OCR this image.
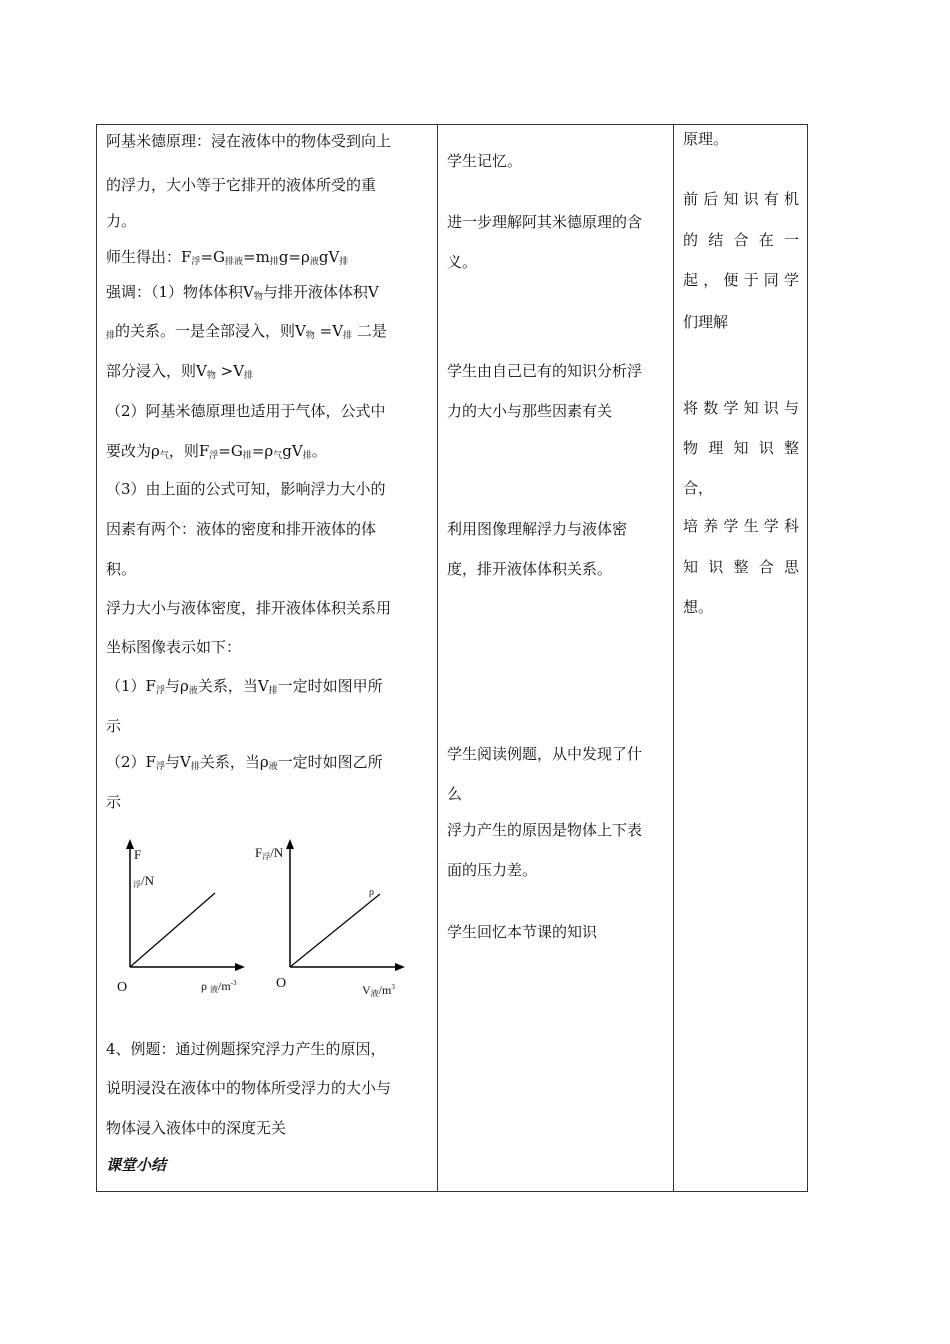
阿基米德原理：浸在液体中的物体受到向上
的浮力，大小等于它排开的液体所受的重
力。
师生得出：$F_浮=G_{排液}=m_排g=\rho_液gV_排$
强调：（1）物体体积$V_物$与排开液体体积V
$_排$的关系。一是全部浸入，则$V_物 =V_排$ 二是
部分浸入，则$V_物 >V_排$
（2）阿基米德原理也适用于气体，公式中
要改为$\rho_气$，则$F_浮=G_排=\rho_气gV_排$。
（3）由上面的公式可知，影响浮力大小的
因素有两个：液体的密度和排开液体的体
积。
浮力大小与液体密度，排开液体体积关系用
坐标图像表示如下：
$(1)F_浮$与$\rho_液$关系，当$V_排$一定时如图甲所
示
$(2)F_浮$与$V_排$关系，当$\rho_液$一定时如图乙所
示
F
$_浮$/N
O	ρ $_液/m^{-3}$
$F_浮/N$
ρ
O	$V_液/m^3$
4、例题：通过例题探究浮力产生的原因，
说明浸没在液体中的物体所受浮力的大小与
物体浸入液体中的深度无关
课堂小结

学生记忆。
进一步理解阿其米德原理的含
义。
学生由自己已有的知识分析浮
力的大小与那些因素有关
利用图像理解浮力与液体密
度，排开液体体积关系。
学生阅读例题，从中发现了什
么
浮力产生的原因是物体上下表
面的压力差。
学生回忆本节课的知识

原理。
前 后 知 识 有 机
的 结 合 在 一
起 ， 便 于 同 学
们理解
将 数 学 知 识 与
物 理 知 识 整
合，
培 养 学 生 学 科
知 识 整 合 思
想。
